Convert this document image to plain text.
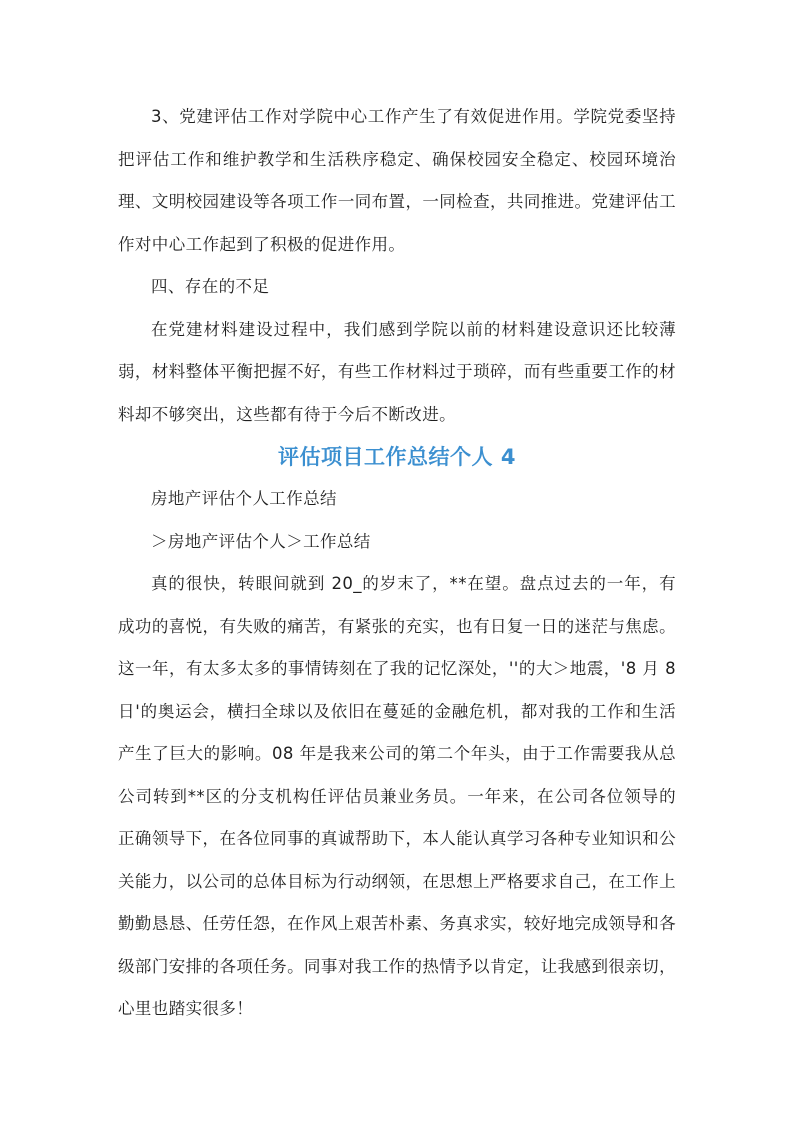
3、党建评估工作对学院中心工作产生了有效促进作用。学院党委坚持把评估工作和维护教学和生活秩序稳定、确保校园安全稳定、校园环境治理、文明校园建设等各项工作一同布置，一同检查，共同推进。党建评估工作对中心工作起到了积极的促进作用。

四、存在的不足

在党建材料建设过程中，我们感到学院以前的材料建设意识还比较薄弱，材料整体平衡把握不好，有些工作材料过于琐碎，而有些重要工作的材料却不够突出，这些都有待于今后不断改进。

评估项目工作总结个人 4

房地产评估个人工作总结

＞房地产评估个人＞工作总结

真的很快，转眼间就到 20_的岁末了，**在望。盘点过去的一年，有成功的喜悦，有失败的痛苦，有紧张的充实，也有日复一日的迷茫与焦虑。这一年，有太多太多的事情铸刻在了我的记忆深处，''的大＞地震，'8 月 8 日'的奥运会，横扫全球以及依旧在蔓延的金融危机，都对我的工作和生活产生了巨大的影响。08 年是我来公司的第二个年头，由于工作需要我从总公司转到**区的分支机构任评估员兼业务员。一年来，在公司各位领导的正确领导下，在各位同事的真诚帮助下，本人能认真学习各种专业知识和公关能力，以公司的总体目标为行动纲领，在思想上严格要求自己，在工作上勤勤恳恳、任劳任怨，在作风上艰苦朴素、务真求实，较好地完成领导和各级部门安排的各项任务。同事对我工作的热情予以肯定，让我感到很亲切，心里也踏实很多！
